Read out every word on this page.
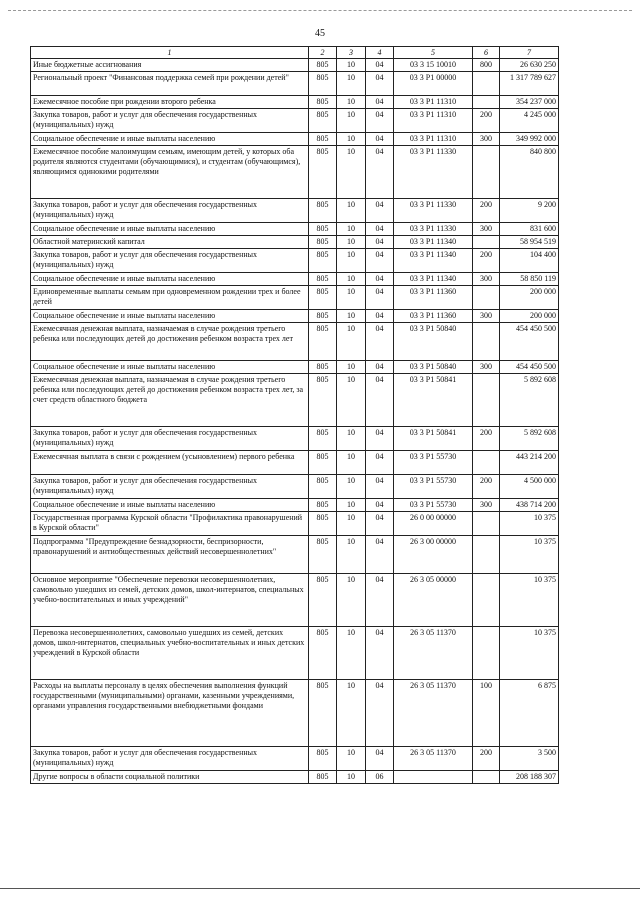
45
1	2	3	4	5	6	7
Иные бюджетные ассигнования	805	10	04	03 3 15 10010	800	26 630 250
Региональный проект "Финансовая поддержка семей при рождении детей"	805	10	04	03 3 P1 00000		1 317 789 627
Ежемесячное пособие при рождении второго ребенка	805	10	04	03 3 P1 11310		354 237 000
Закупка товаров, работ и услуг для обеспечения государственных (муниципальных) нужд	805	10	04	03 3 P1 11310	200	4 245 000
Социальное обеспечение и иные выплаты населению	805	10	04	03 3 P1 11310	300	349 992 000
Ежемесячное пособие малоимущим семьям, имеющим детей, у которых оба родителя являются студентами (обучающимися), и студентам (обучающимся), являющимся одинокими родителями	805	10	04	03 3 P1 11330		840 800
Закупка товаров, работ и услуг для обеспечения государственных (муниципальных) нужд	805	10	04	03 3 P1 11330	200	9 200
Социальное обеспечение и иные выплаты населению	805	10	04	03 3 P1 11330	300	831 600
Областной материнский капитал	805	10	04	03 3 P1 11340		58 954 519
Закупка товаров, работ и услуг для обеспечения государственных (муниципальных) нужд	805	10	04	03 3 P1 11340	200	104 400
Социальное обеспечение и иные выплаты населению	805	10	04	03 3 P1 11340	300	58 850 119
Единовременные выплаты семьям при одновременном рождении трех и более детей	805	10	04	03 3 P1 11360		200 000
Социальное обеспечение и иные выплаты населению	805	10	04	03 3 P1 11360	300	200 000
Ежемесячная денежная выплата, назначаемая в случае рождения третьего ребенка или последующих детей до достижения ребенком возраста трех лет	805	10	04	03 3 P1 50840		454 450 500
Социальное обеспечение и иные выплаты населению	805	10	04	03 3 P1 50840	300	454 450 500
Ежемесячная денежная выплата, назначаемая в случае рождения третьего ребенка или последующих детей до достижения ребенком возраста трех лет, за счет средств областного бюджета	805	10	04	03 3 P1 50841		5 892 608
Закупка товаров, работ и услуг для обеспечения государственных (муниципальных) нужд	805	10	04	03 3 P1 50841	200	5 892 608
Ежемесячная выплата в связи с рождением (усыновлением) первого ребенка	805	10	04	03 3 P1 55730		443 214 200
Закупка товаров, работ и услуг для обеспечения государственных (муниципальных) нужд	805	10	04	03 3 P1 55730	200	4 500 000
Социальное обеспечение и иные выплаты населению	805	10	04	03 3 P1 55730	300	438 714 200
Государственная программа Курской области "Профилактика правонарушений в Курской области"	805	10	04	26 0 00 00000		10 375
Подпрограмма "Предупреждение безнадзорности, беспризорности, правонарушений и антиобщественных действий несовершеннолетних"	805	10	04	26 3 00 00000		10 375
Основное мероприятие "Обеспечение перевозки несовершеннолетних, самовольно ушедших из семей, детских домов, школ-интернатов, специальных учебно-воспитательных и иных учреждений"	805	10	04	26 3 05 00000		10 375
Перевозка несовершеннолетних, самовольно ушедших из семей, детских домов, школ-интернатов, специальных учебно-воспитательных и иных детских учреждений в Курской области	805	10	04	26 3 05 11370		10 375
Расходы на выплаты персоналу в целях обеспечения выполнения функций государственными (муниципальными) органами, казенными учреждениями, органами управления государственными внебюджетными фондами	805	10	04	26 3 05 11370	100	6 875
Закупка товаров, работ и услуг для обеспечения государственных (муниципальных) нужд	805	10	04	26 3 05 11370	200	3 500
Другие вопросы в области социальной политики	805	10	06			208 188 307
